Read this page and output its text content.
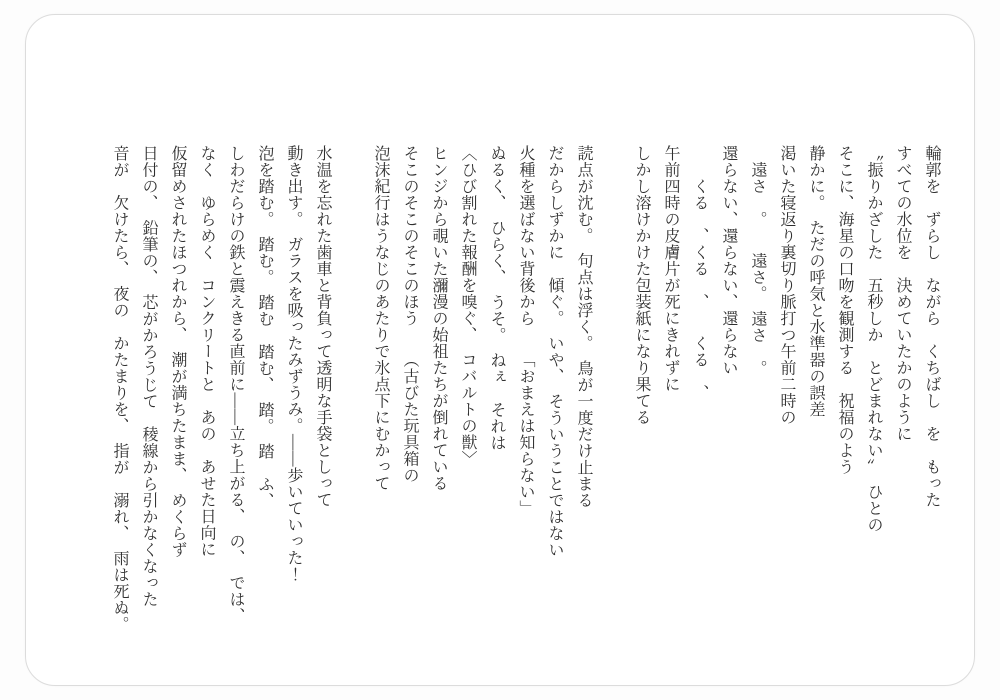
輪郭を　ずらし　ながら　くちばし　を　もった
すべての水位を　決めていたかのように
〝振りかざした　五秒しか　とどまれない〟　ひとの
そこに、海星の口吻を観測する　祝福のよう
静かに。　ただの呼気と水準器の誤差
渇いた寝返り裏切り脈打つ午前二時の
　遠さ　。　　遠さ。　遠さ　。
還らない、還らない、還らない
　　くる　、くる　、　　くる　、
午前四時の皮膚片が死にきれずに
しかし溶けかけた包装紙になり果てる
読点が沈む。　句点は浮く。　鳥が一度だけ止まる
だからしずかに　傾ぐ。　いや、　そういうことではない
火種を選ばない背後から　　「おまえは知らない」
ぬるく、　ひらく、　うそ。　ねぇ　それは
〈ひび割れた報酬を嗅ぐ、　コバルトの獣〉
ヒンジから覗いた瀰漫の始祖たちが倒れている
そこのそこのそこのほう　　（古びた玩具箱の
泡沫紀行はうなじのあたりで氷点下にむかって
水温を忘れた歯車と背負って透明な手袋としって
動き出す。　ガラスを吸ったみずうみ。――歩いていった！
泡を踏む。　踏む。　踏む　踏む、　踏。　踏　ふ、
しわだらけの鉄と震えきる直前に――立ち上がる、　の、　では、
なく　ゆらめく　コンクリートと　あの　あせた日向に
仮留めされたほつれから、　潮が満ちたまま、　めくらず
日付の、　鉛筆の、　芯がかろうじて　稜線から引かなくなった
音が　欠けたら、　夜の　かたまりを、　指が　溺れ、　雨は死ぬ。
